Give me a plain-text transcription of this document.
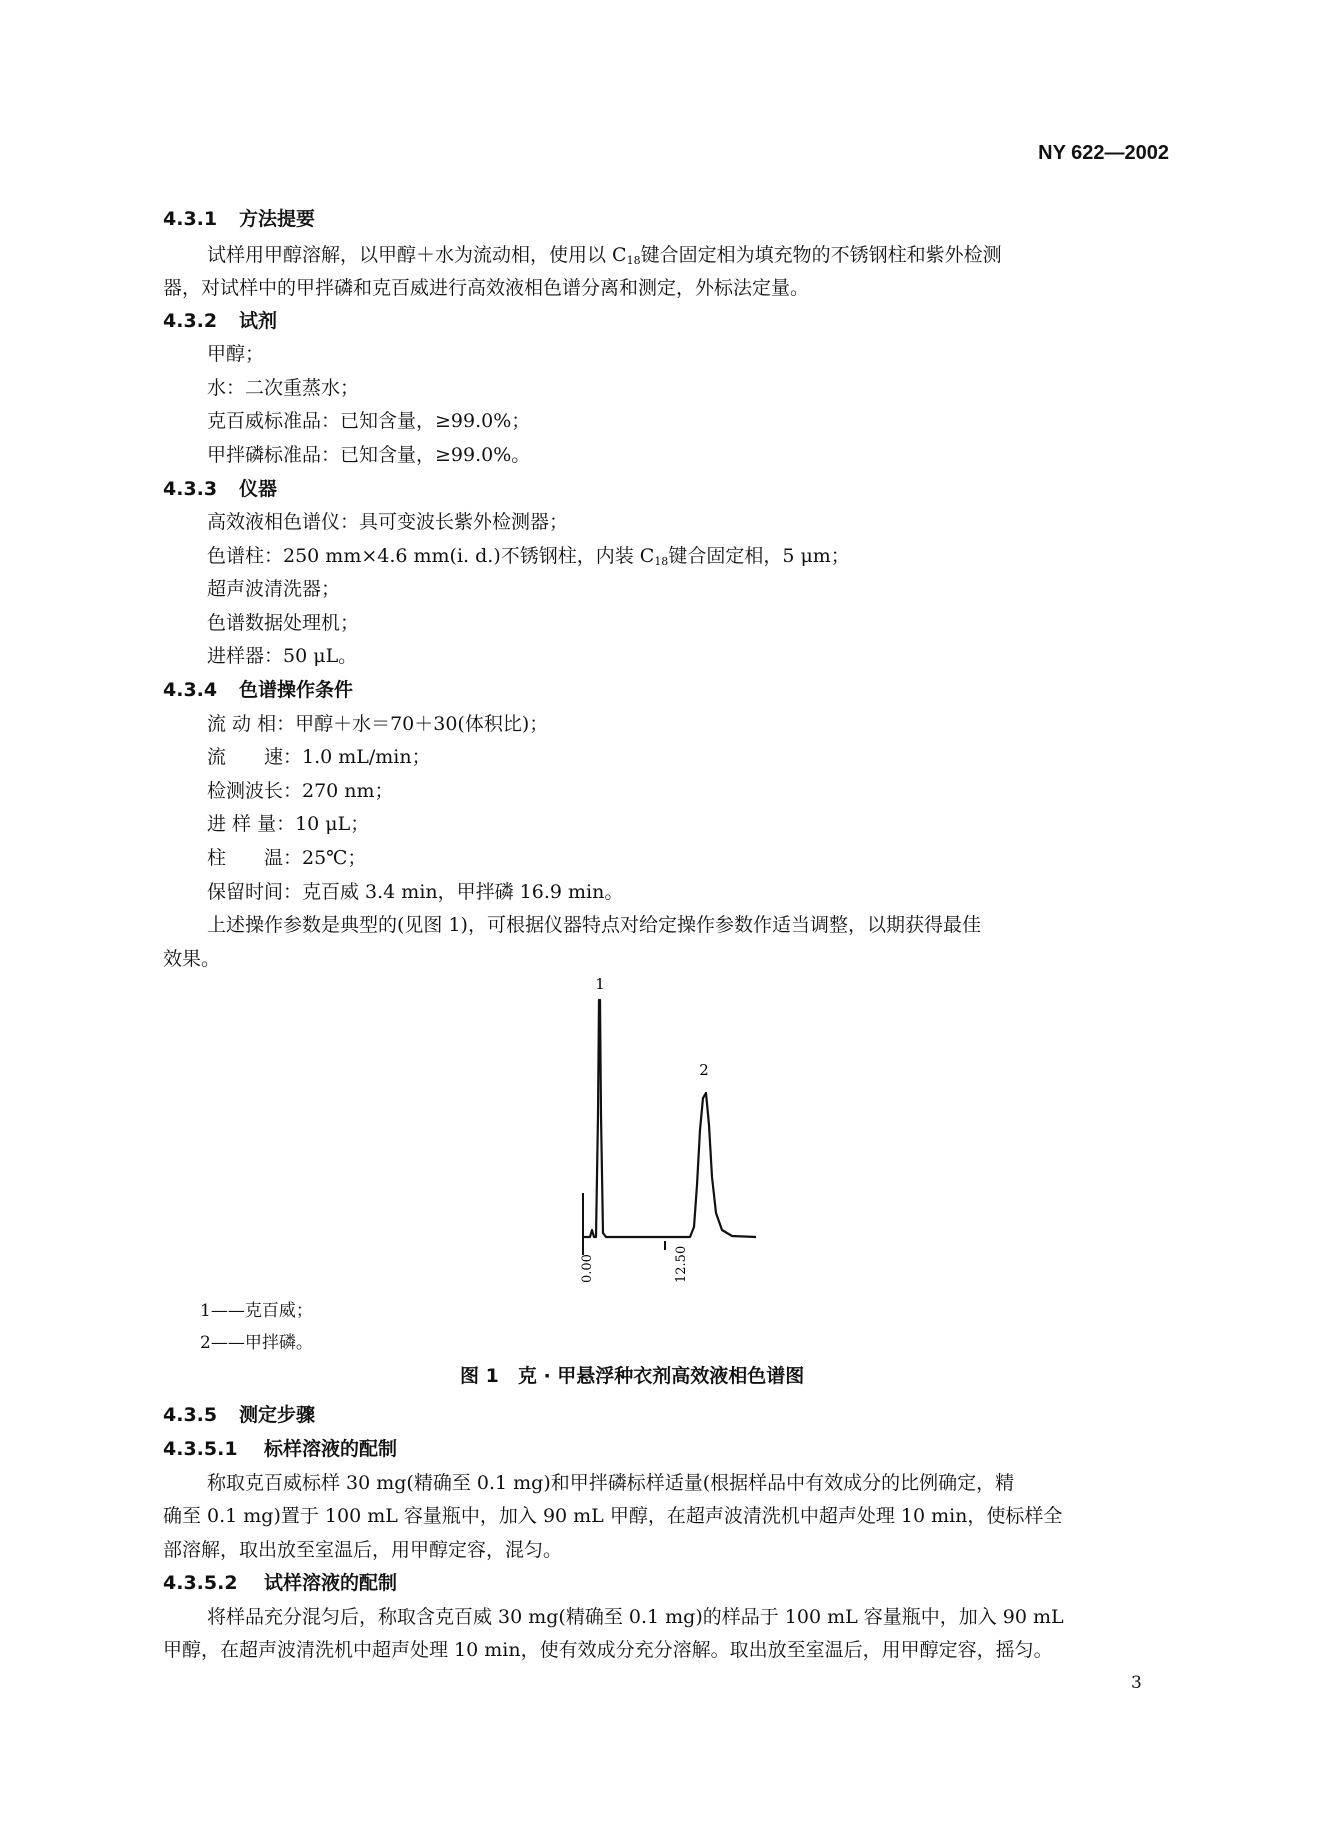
NY 622—2002
4.3.1 方法提要
试样用甲醇溶解，以甲醇＋水为流动相，使用以 $C_{18}$键合固定相为填充物的不锈钢柱和紫外检测
器，对试样中的甲拌磷和克百威进行高效液相色谱分离和测定，外标法定量。
4.3.2 试剂
甲醇；
水：二次重蒸水；
克百威标准品：已知含量，≥99.0%；
甲拌磷标准品：已知含量，≥99.0%。
4.3.3 仪器
高效液相色谱仪：具可变波长紫外检测器；
色谱柱：250 mm×4.6 mm(i. d.)不锈钢柱，内装 $C_{18}$键合固定相，5 μm；
超声波清洗器；
色谱数据处理机；
进样器：50 μL。
4.3.4 色谱操作条件
流 动 相：甲醇＋水＝70＋30(体积比)；
流　　速：1.0 mL/min；
检测波长：270 nm；
进 样 量：10 μL；
柱　　温：25℃；
保留时间：克百威 3.4 min，甲拌磷 16.9 min。
上述操作参数是典型的(见图 1)，可根据仪器特点对给定操作参数作适当调整，以期获得最佳
效果。
1
2
0.00	12.50
1——克百威；
2——甲拌磷。
图 1　克 · 甲悬浮种衣剂高效液相色谱图
4.3.5 测定步骤
4.3.5.1 标样溶液的配制
称取克百威标样 30 mg(精确至 0.1 mg)和甲拌磷标样适量(根据样品中有效成分的比例确定，精
确至 0.1 mg)置于 100 mL 容量瓶中，加入 90 mL 甲醇，在超声波清洗机中超声处理 10 min，使标样全
部溶解，取出放至室温后，用甲醇定容，混匀。
4.3.5.2 试样溶液的配制
将样品充分混匀后，称取含克百威 30 mg(精确至 0.1 mg)的样品于 100 mL 容量瓶中，加入 90 mL
甲醇，在超声波清洗机中超声处理 10 min，使有效成分充分溶解。取出放至室温后，用甲醇定容，摇匀。
3
